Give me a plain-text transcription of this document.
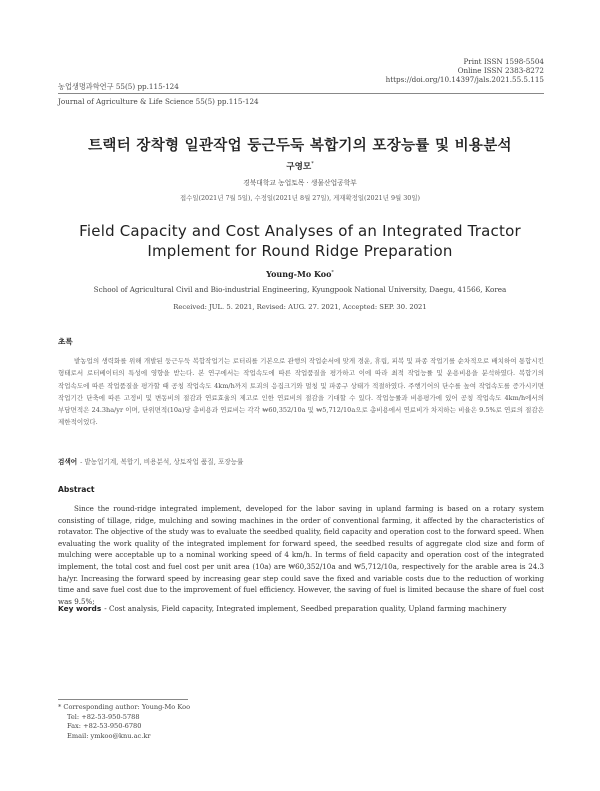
Print ISSN 1598-5504
Online ISSN 2383-8272
https://doi.org/10.14397/jals.2021.55.5.115
농업생명과학연구 55(5) pp.115-124
Journal of Agriculture & Life Science 55(5) pp.115-124
트랙터 장착형 일관작업 둥근두둑 복합기의 포장능률 및 비용분석
구영모*
경북대학교 농업토목 · 생물산업공학부
접수일(2021년 7월 5일), 수정일(2021년 8월 27일), 게재확정일(2021년 9월 30일)
Field Capacity and Cost Analyses of an Integrated Tractor Implement for Round Ridge Preparation
Young-Mo Koo*
School of Agricultural Civil and Bio-industrial Engineering, Kyungpook National University, Daegu, 41566, Korea
Received: JUL. 5. 2021, Revised: AUG. 27. 2021, Accepted: SEP. 30. 2021
초록
밭농업의 생력화를 위해 개발된 둥근두둑 복합작업기는 로터리를 기본으로 관행의 작업순서에 맞게 경운, 휴립, 피복 및 파종 작업기를 순차적으로 배치하여 통합시킨 형태로서 로터베이터의 특성에 영향을 받는다. 본 연구에서는 작업속도에 따른 작업품질을 평가하고 이에 따라 최적 작업능률 및 운용비용을 분석하였다. 복합기의 작업속도에 따른 작업품질을 평가할 때 공칭 작업속도 4km/h까지 토괴의 응집크기와 멀칭 및 파종구 상태가 적절하였다. 주행기어의 단수를 높여 작업속도를 증가시키면 작업기간 단축에 따른 고정비 및 변동비의 절감과 연료효율의 제고로 인한 연료비의 절감을 기대할 수 있다. 작업능률과 비용평가에 있어 공칭 작업속도 4km/h에서의 부담면적은 24.3ha/yr 이며, 단위면적(10a)당 총비용과 연료비는 각각 ₩60,352/10a 및 ₩5,712/10a으로 총비용에서 연료비가 차지하는 비율은 9.5%로 연료의 절감은 제한적이었다.
검색어 - 밭농업기계, 복합기, 비용분석, 상토작업 품질, 포장능률
Abstract
Since the round-ridge integrated implement, developed for the labor saving in upland farming is based on a rotary system consisting of tillage, ridge, mulching and sowing machines in the order of conventional farming, it affected by the characteristics of rotavator. The objective of the study was to evaluate the seedbed quality, field capacity and operation cost to the forward speed. When evaluating the work quality of the integrated implement for forward speed, the seedbed results of aggregate clod size and form of mulching were acceptable up to a nominal working speed of 4 km/h. In terms of field capacity and operation cost of the integrated implement, the total cost and fuel cost per unit area (10a) are ₩60,352/10a and ₩5,712/10a, respectively for the arable area is 24.3 ha/yr. Increasing the forward speed by increasing gear step could save the fixed and variable costs due to the reduction of working time and save fuel cost due to the improvement of fuel efficiency. However, the saving of fuel is limited because the share of fuel cost was 9.5%;
Key words - Cost analysis, Field capacity, Integrated implement, Seedbed preparation quality, Upland farming machinery
* Corresponding author: Young-Mo Koo
Tel: +82-53-950-5788
Fax: +82-53-950-6780
Email: ymkoo@knu.ac.kr
